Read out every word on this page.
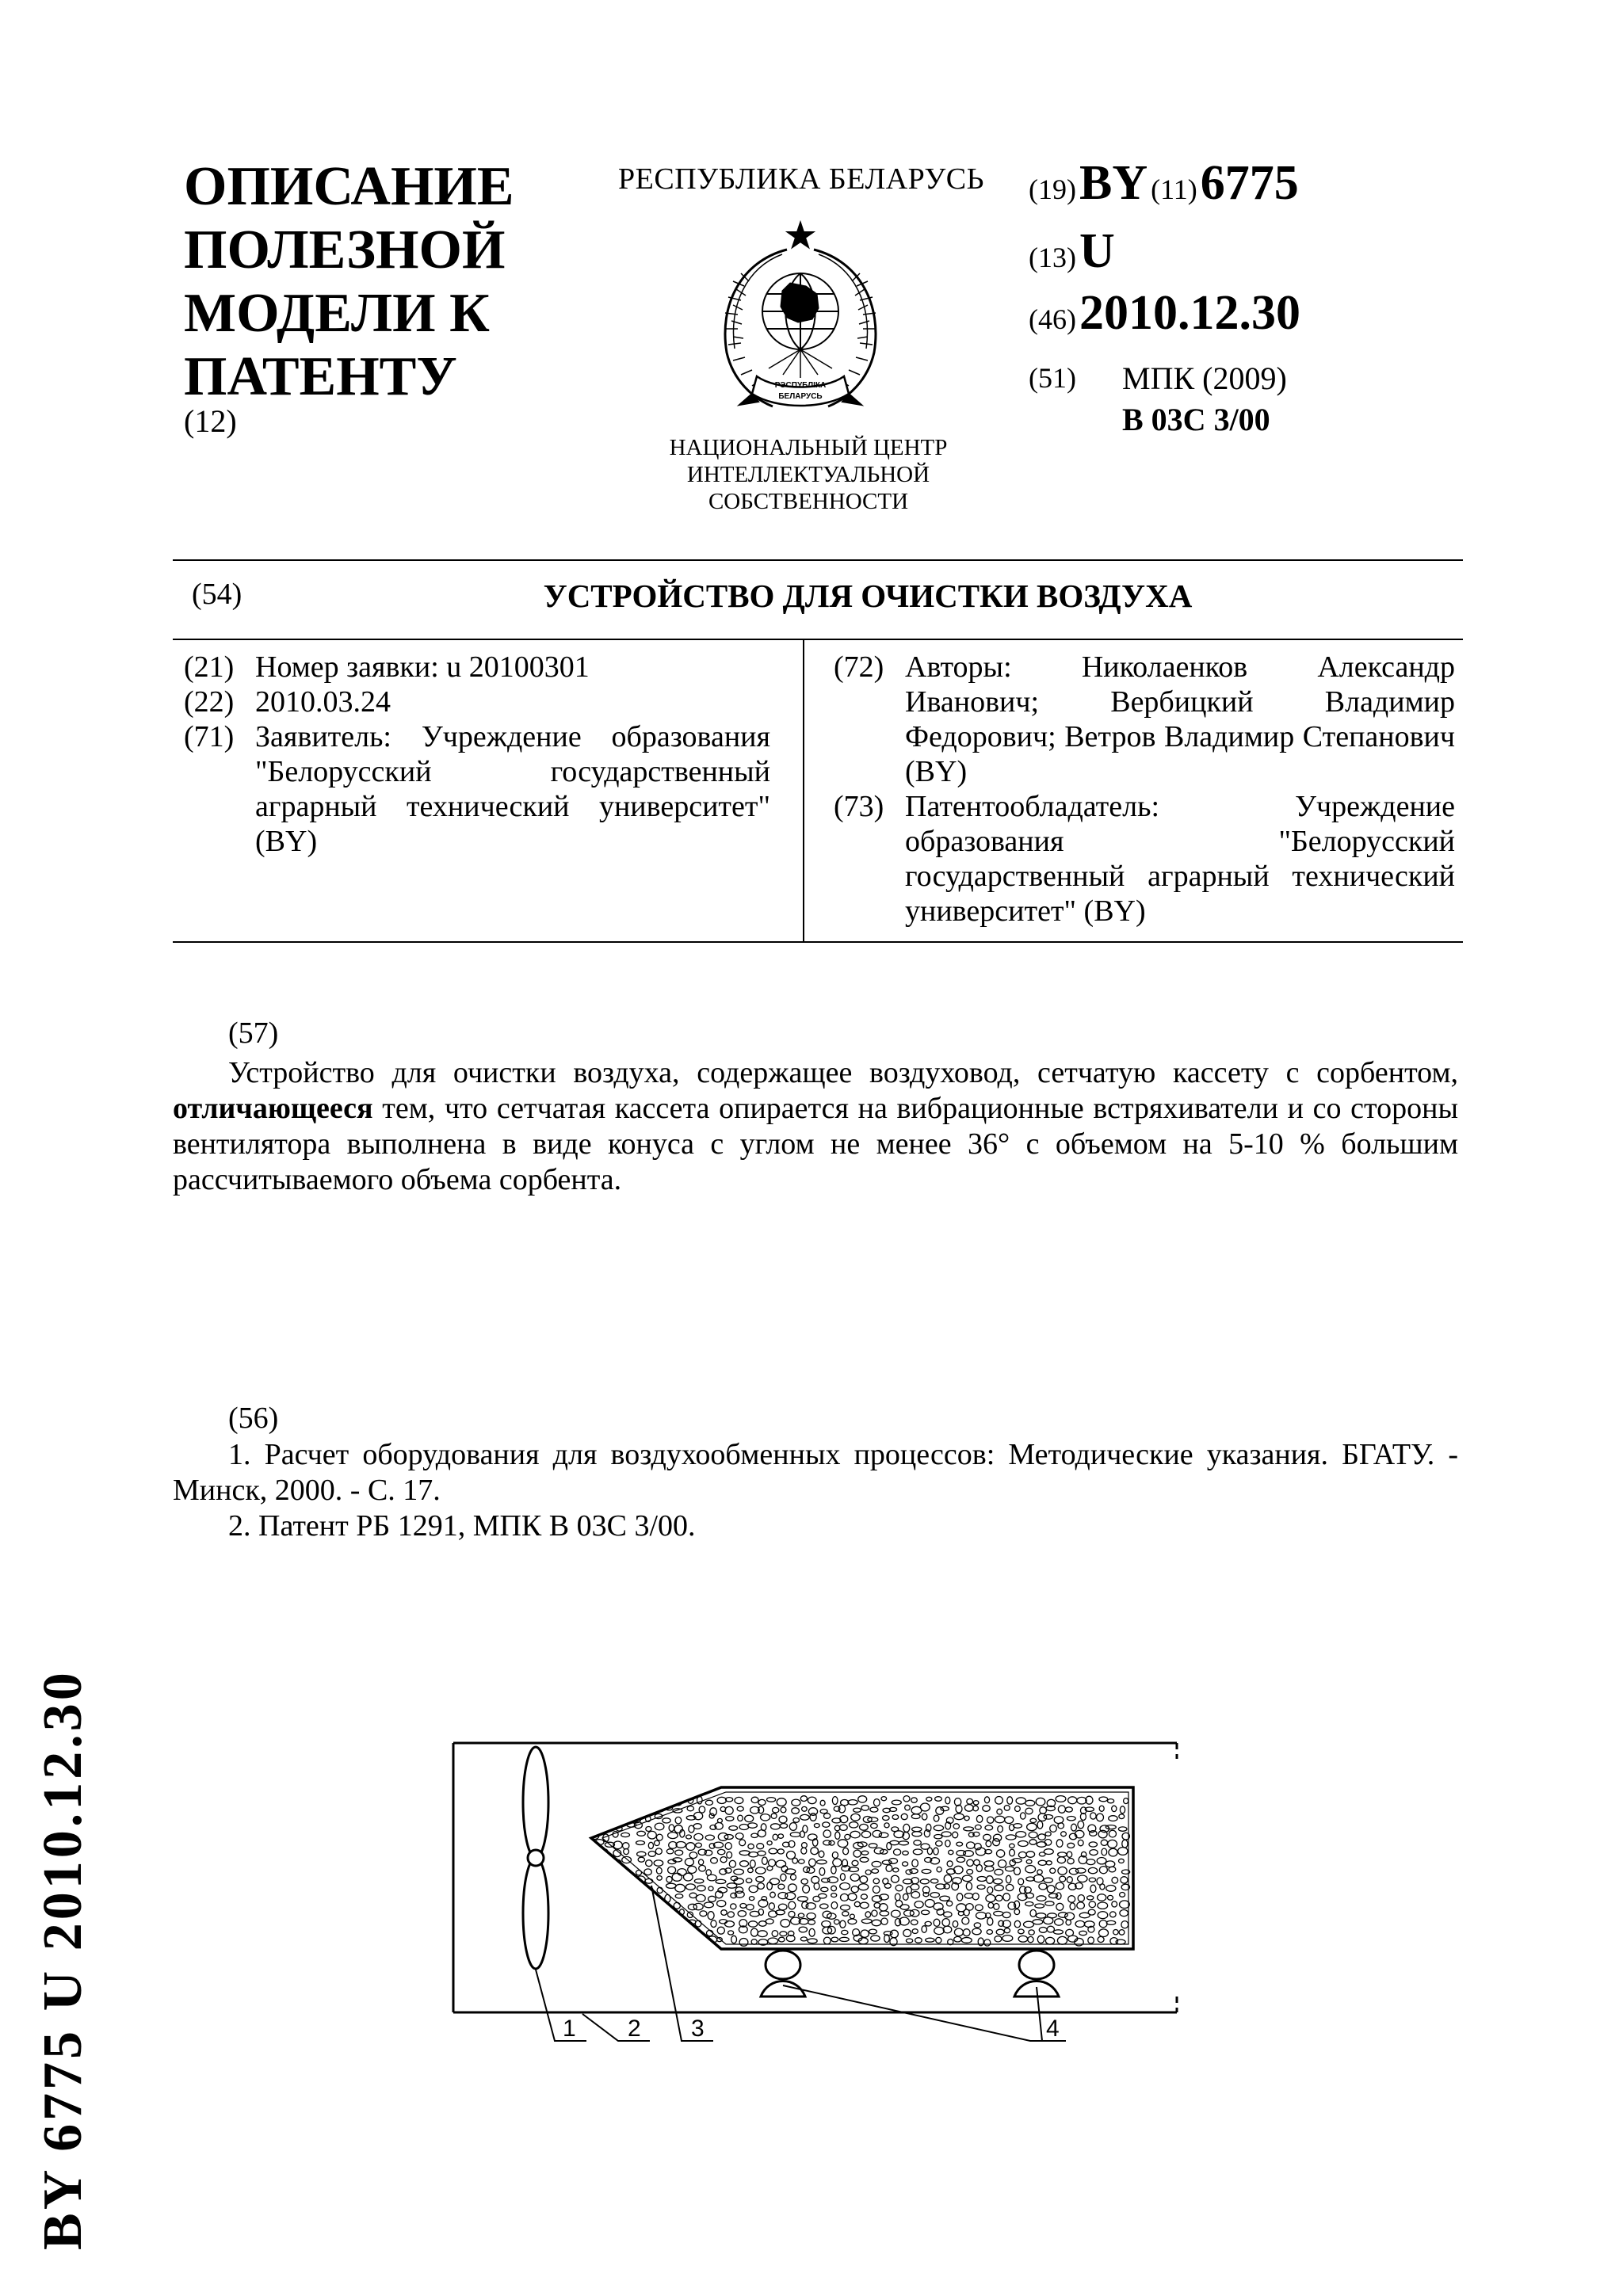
ОПИСАНИЕ
ПОЛЕЗНОЙ
МОДЕЛИ К
ПАТЕНТУ
(12)
РЕСПУБЛИКА БЕЛАРУСЬ
РЭСПУБЛІКА
БЕЛАРУСЬ
НАЦИОНАЛЬНЫЙ ЦЕНТР
ИНТЕЛЛЕКТУАЛЬНОЙ
СОБСТВЕННОСТИ
(19) BY (11) 6775
(13) U
(46) 2010.12.30
(51) МПК (2009)
B 03C 3/00
(54)	УСТРОЙСТВО ДЛЯ ОЧИСТКИ ВОЗДУХА
(21) Номер заявки: u 20100301
(22) 2010.03.24
(71) Заявитель: Учреждение образования "Белорусский государственный аграрный технический университет" (BY)
(72) Авторы: Николаенков Александр Иванович; Вербицкий Владимир Федорович; Ветров Владимир Степанович (BY)
(73) Патентообладатель: Учреждение образования "Белорусский государственный аграрный технический университет" (BY)
(57)
Устройство для очистки воздуха, содержащее воздуховод, сетчатую кассету с сорбентом, отличающееся тем, что сетчатая кассета опирается на вибрационные встряхиватели и со стороны вентилятора выполнена в виде конуса с углом не менее 36° с объемом на 5-10 % большим рассчитываемого объема сорбента.
(56)
1. Расчет оборудования для воздухообменных процессов: Методические указания. БГАТУ. - Минск, 2000. - С. 17.
2. Патент РБ 1291, МПК B 03C 3/00.
BY 6775 U 2010.12.30	1 2 3	4
